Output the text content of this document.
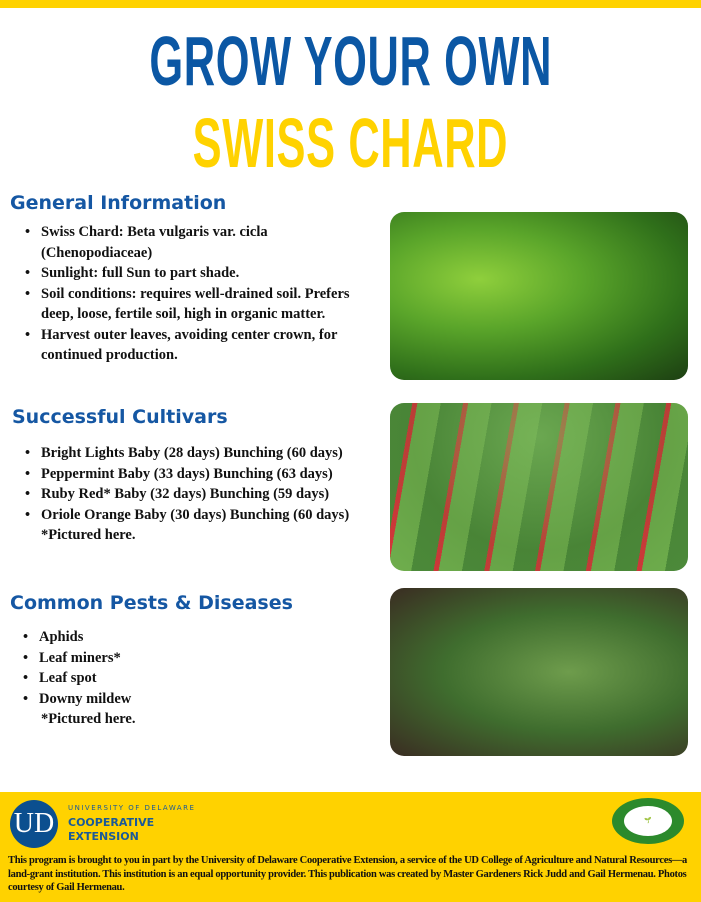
GROW YOUR OWN
SWISS CHARD
General Information
• Swiss Chard: Beta vulgaris var. cicla (Chenopodiaceae)
• Sunlight: full Sun to part shade.
• Soil conditions: requires well-drained soil. Prefers deep, loose, fertile soil, high in organic matter.
• Harvest outer leaves, avoiding center crown, for continued production.
Successful Cultivars
• Bright Lights Baby (28 days) Bunching (60 days)
• Peppermint Baby (33 days) Bunching (63 days)
• Ruby Red* Baby (32 days) Bunching (59 days)
• Oriole Orange Baby (30 days) Bunching (60 days)
*Pictured here.
Common Pests & Diseases
• Aphids
• Leaf miners*
• Leaf spot
• Downy mildew
*Pictured here.
UD	UNIVERSITY OF DELAWARE
COOPERATIVE EXTENSION
🌱
This program is brought to you in part by the University of Delaware Cooperative Extension, a service of the UD College of Agriculture and Natural Resources—a land-grant institution. This institution is an equal opportunity provider. This publication was created by Master Gardeners Rick Judd and Gail Hermenau. Photos courtesy of Gail Hermenau.
